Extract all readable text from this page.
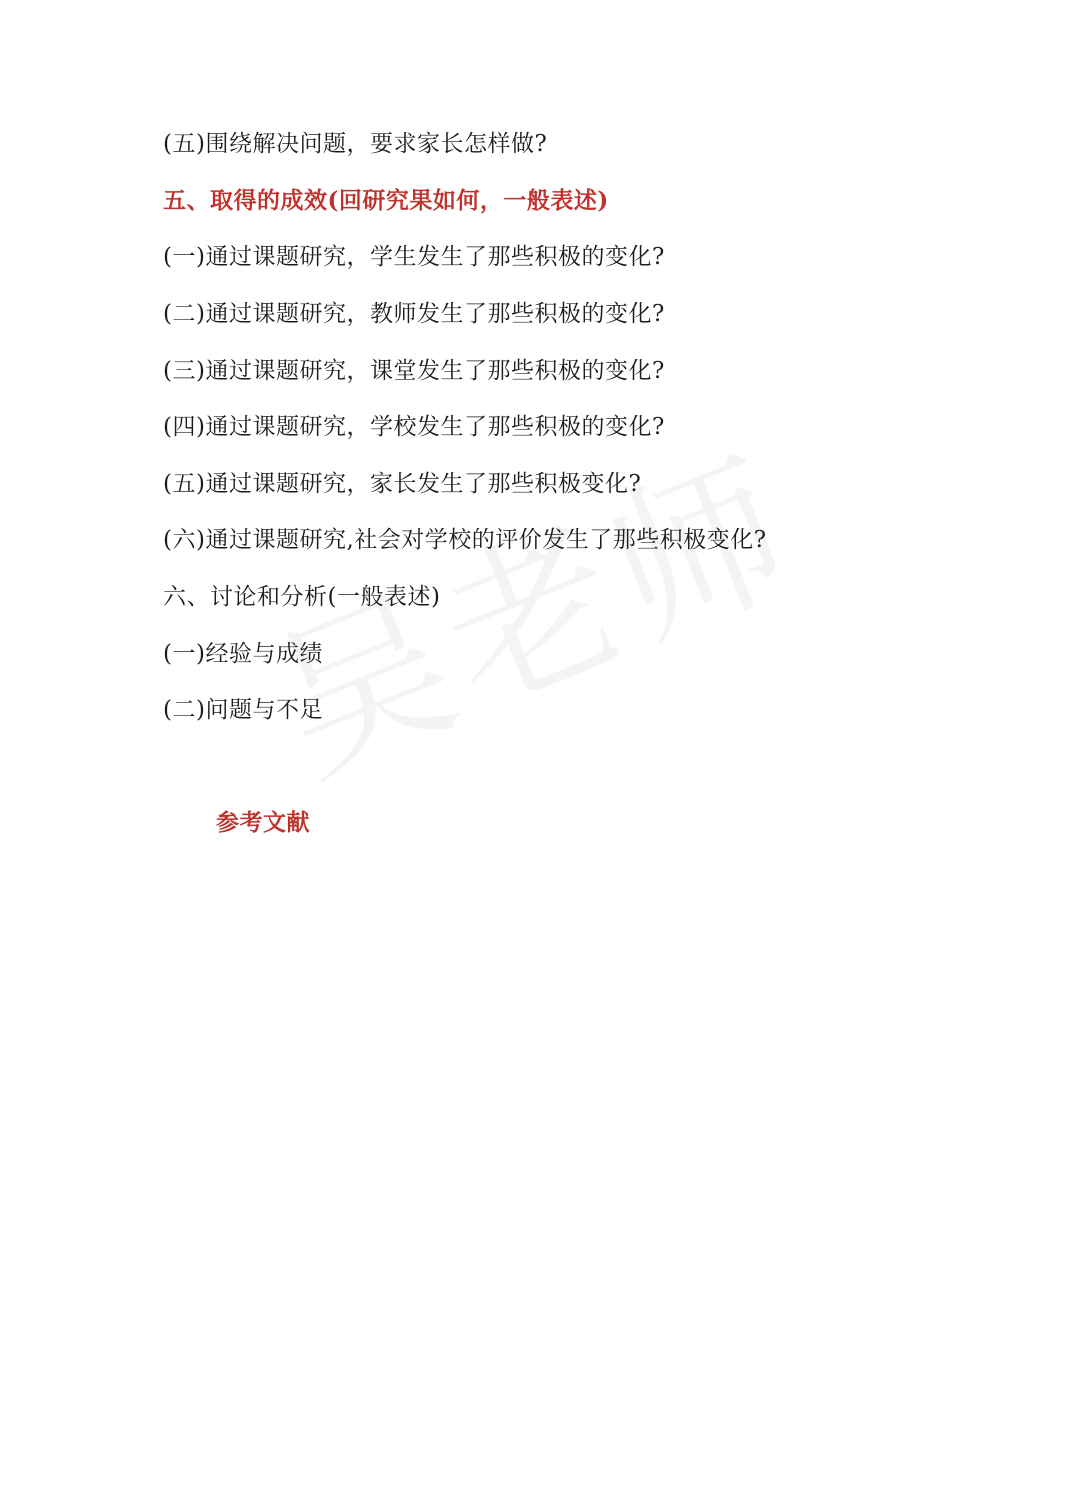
(五)围绕解决问题，要求家长怎样做?
五、取得的成效(回研究果如何，一般表述)
(一)通过课题研究，学生发生了那些积极的变化?
(二)通过课题研究，教师发生了那些积极的变化?
(三)通过课题研究，课堂发生了那些积极的变化?
(四)通过课题研究，学校发生了那些积极的变化?
(五)通过课题研究，家长发生了那些积极变化?
(六)通过课题研究,社会对学校的评价发生了那些积极变化?
六、讨论和分析(一般表述)
(一)经验与成绩
(二)问题与不足
参考文献
